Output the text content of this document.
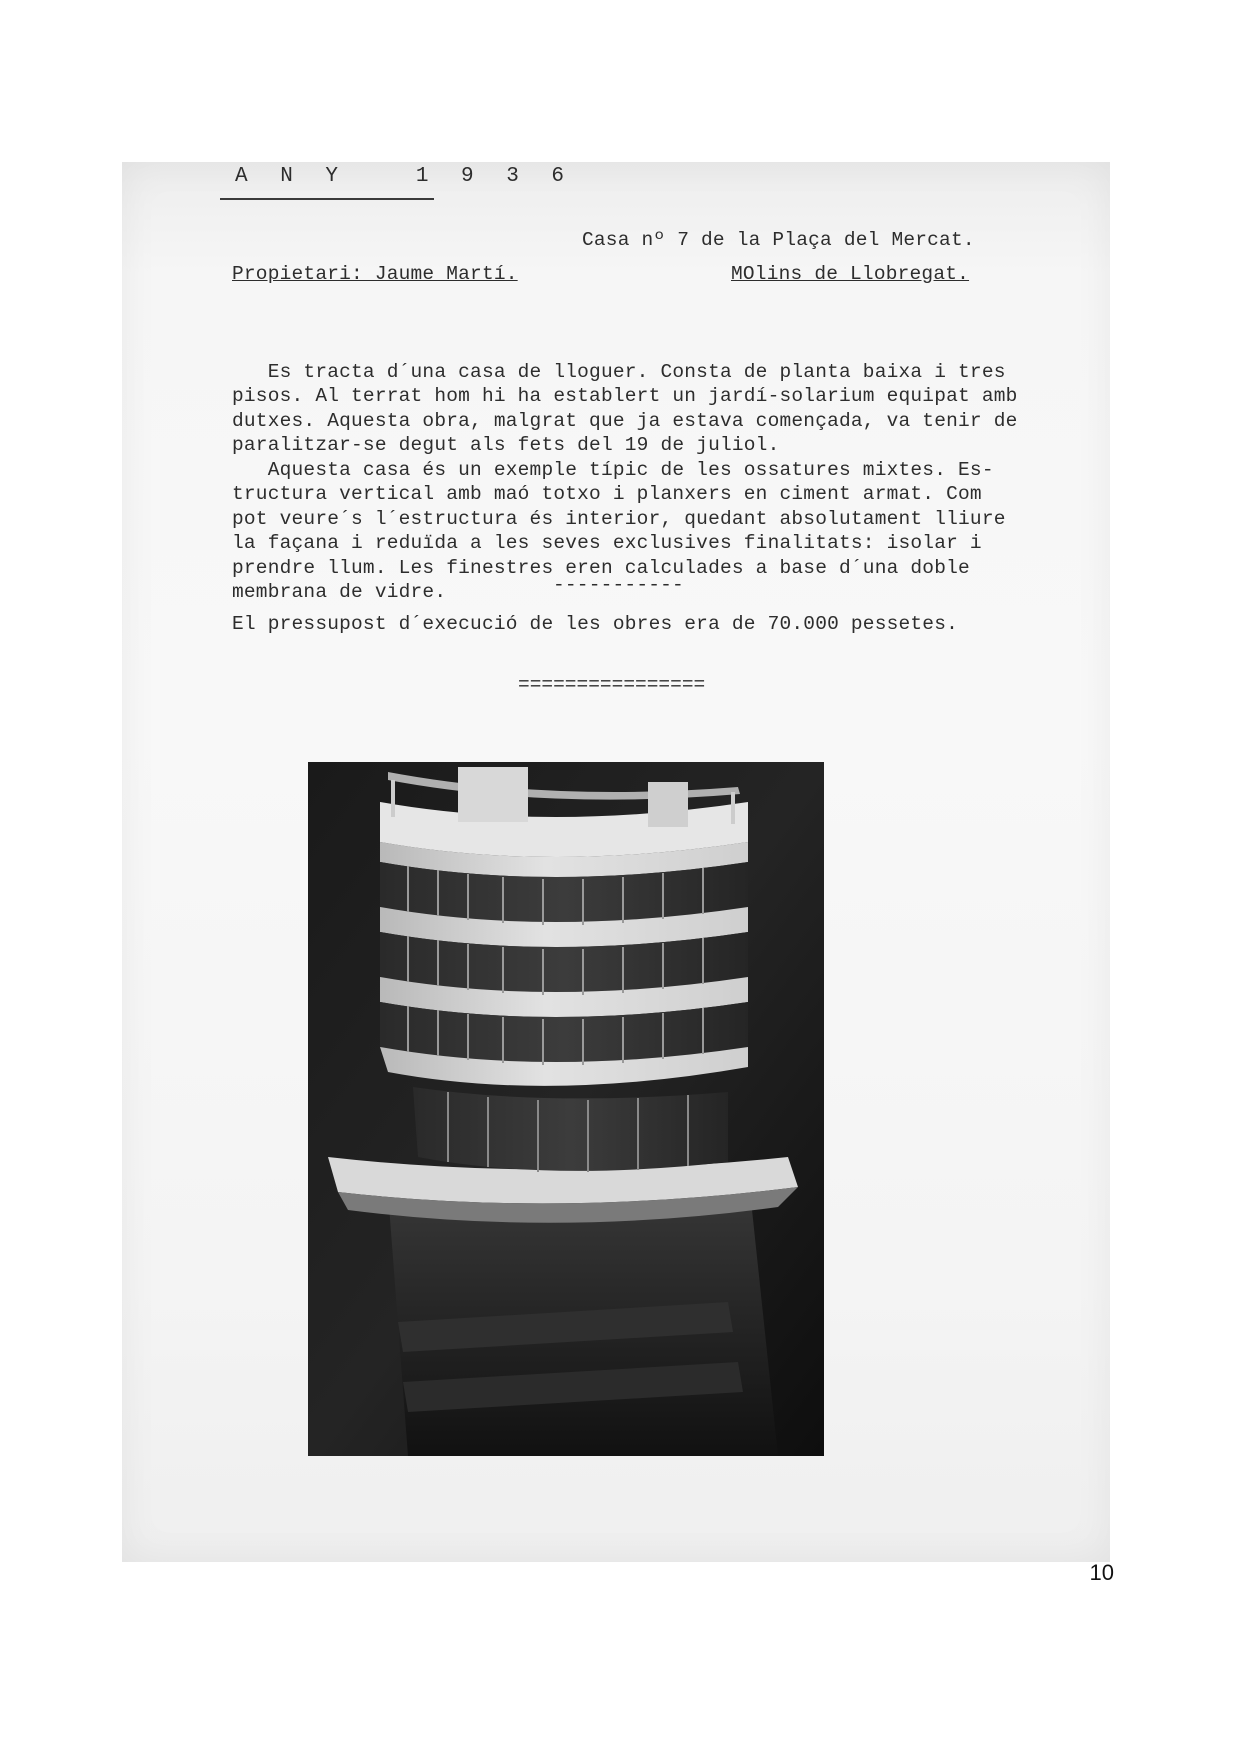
A N Y   1 9 3 6
Casa nº 7 de la Plaça del Mercat.
Propietari: Jaume Martí.	MOlins de Llobregat.

Es tracta d´una casa de lloguer. Consta de planta baixa i tres
pisos. Al terrat hom hi ha establert un jardí-solarium equipat amb
dutxes. Aquesta obra, malgrat que ja estava començada, va tenir de
paralitzar-se degut als fets del 19 de juliol.
Aquesta casa és un exemple típic de les ossatures mixtes. Es-
tructura vertical amb maó totxo i planxers en ciment armat. Com
pot veure´s l´estructura és interior, quedant absolutament lliure
la façana i reduïda a les seves exclusives finalitats: isolar i
prendre llum. Les finestres eren calculades a base d´una doble
membrana de vidre.	-----------
El pressupost d´execució de les obres era de 70.000 pessetes.
================
10
